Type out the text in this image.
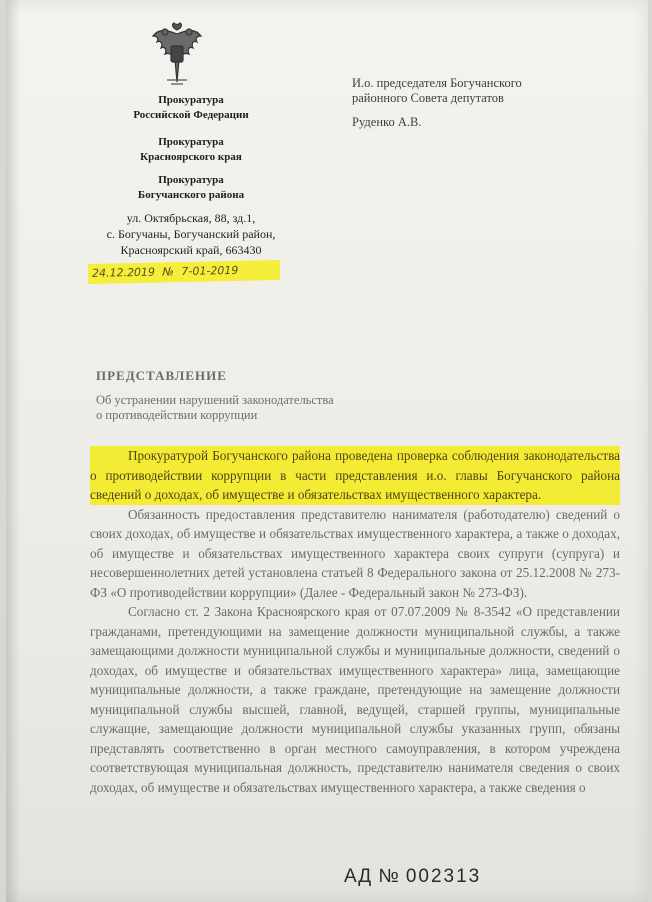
Прокуратура
Российской Федерации
Прокуратура
Красноярского края
Прокуратура
Богучанского района
ул. Октябрьская, 88, зд.1,
с. Богучаны, Богучанский район,
Красноярский край, 663430
24.12.2019 № 7-01-2019
И.о. председателя Богучанского
районного Совета депутатов
Руденко А.В.
ПРЕДСТАВЛЕНИЕ
Об устранении нарушений законодательства
о противодействии коррупции

Прокуратурой Богучанского района проведена проверка соблюдения законодательства о противодействии коррупции в части представления и.о. главы Богучанского района сведений о доходах, об имуществе и обязательствах имущественного характера.

Обязанность предоставления представителю нанимателя (работодателю) сведений о своих доходах, об имуществе и обязательствах имущественного характера, а также о доходах, об имуществе и обязательствах имущественного характера своих супруги (супруга) и несовершеннолетних детей установлена статьей 8 Федерального закона от 25.12.2008 № 273-ФЗ «О противодействии коррупции» (Далее - Федеральный закон № 273-ФЗ).

Согласно ст. 2 Закона Красноярского края от 07.07.2009 № 8-3542 «О представлении гражданами, претендующими на замещение должности муниципальной службы, а также замещающими должности муниципальной службы и муниципальные должности, сведений о доходах, об имуществе и обязательствах имущественного характера» лица, замещающие муниципальные должности, а также граждане, претендующие на замещение должности муниципальной службы высшей, главной, ведущей, старшей группы, муниципальные служащие, замещающие должности муниципальной службы указанных групп, обязаны представлять соответственно в орган местного самоуправления, в котором учреждена соответствующая муниципальная должность, представителю нанимателя сведения о своих доходах, об имуществе и обязательствах имущественного характера, а также сведения о

АД № 002313
